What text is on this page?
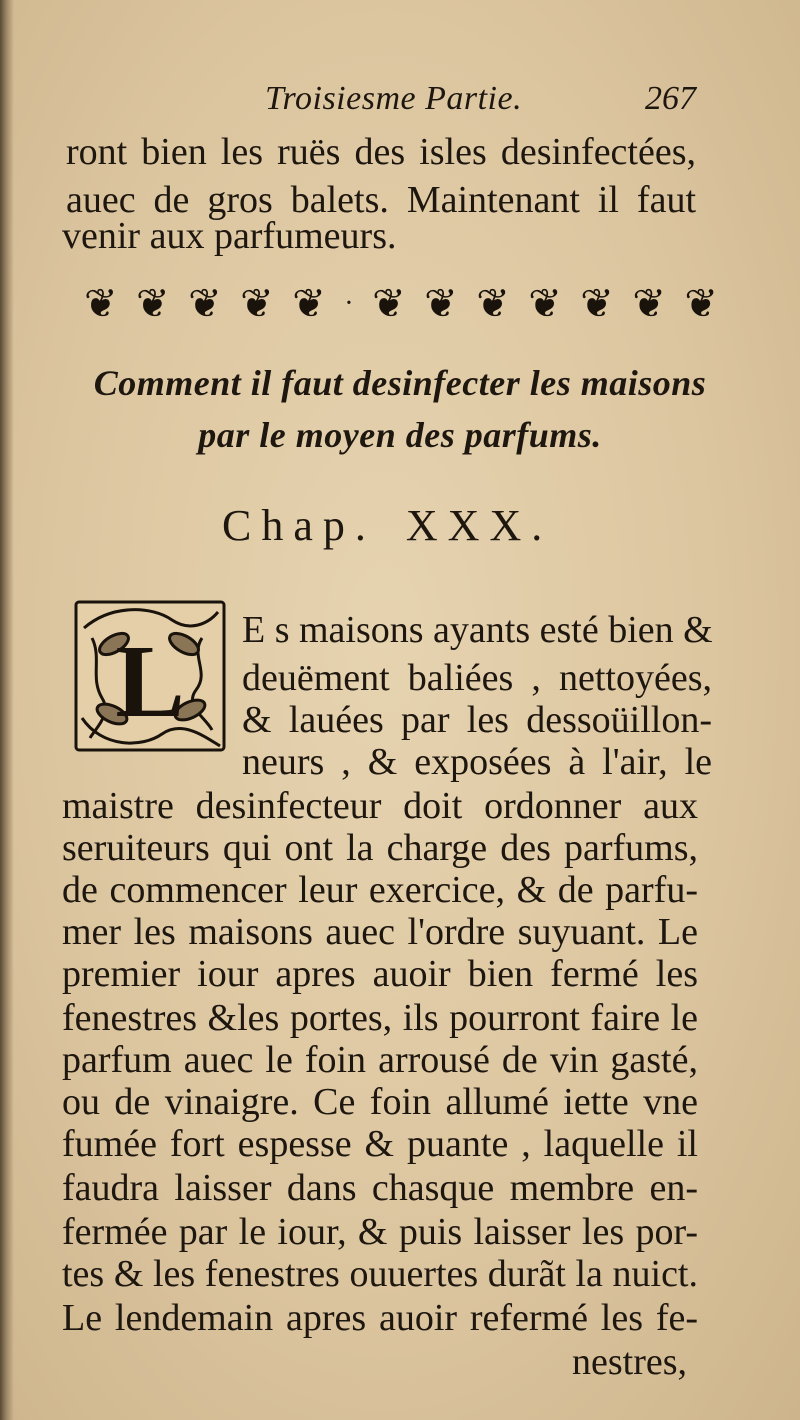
Troisiesme Partie.	267
ront bien les ruës des isles desinfectées,
auec de gros balets. Maintenant il faut
venir aux parfumeurs.
❦ ❦ ❦ ❦ ❦ · ❦ ❦ ❦ ❦ ❦ ❦ ❦
Comment il faut desinfecter les maisons
par le moyen des parfums.
Chap. XXX.
L E s maisons ayants esté bien &
deuëment baliées , nettoyées,
& lauées par les dessoüillon-
neurs , & exposées à l'air, le
maistre desinfecteur doit ordonner aux
seruiteurs qui ont la charge des parfums,
de commencer leur exercice, & de parfu-
mer les maisons auec l'ordre suyuant. Le
premier iour apres auoir bien fermé les
fenestres &les portes, ils pourront faire le
parfum auec le foin arrousé de vin gasté,
ou de vinaigre. Ce foin allumé iette vne
fumée fort espesse & puante , laquelle il
faudra laisser dans chasque membre en-
fermée par le iour, & puis laisser les por-
tes & les fenestres ouuertes durãt la nuict.
Le lendemain apres auoir refermé les fe-
nestres,
